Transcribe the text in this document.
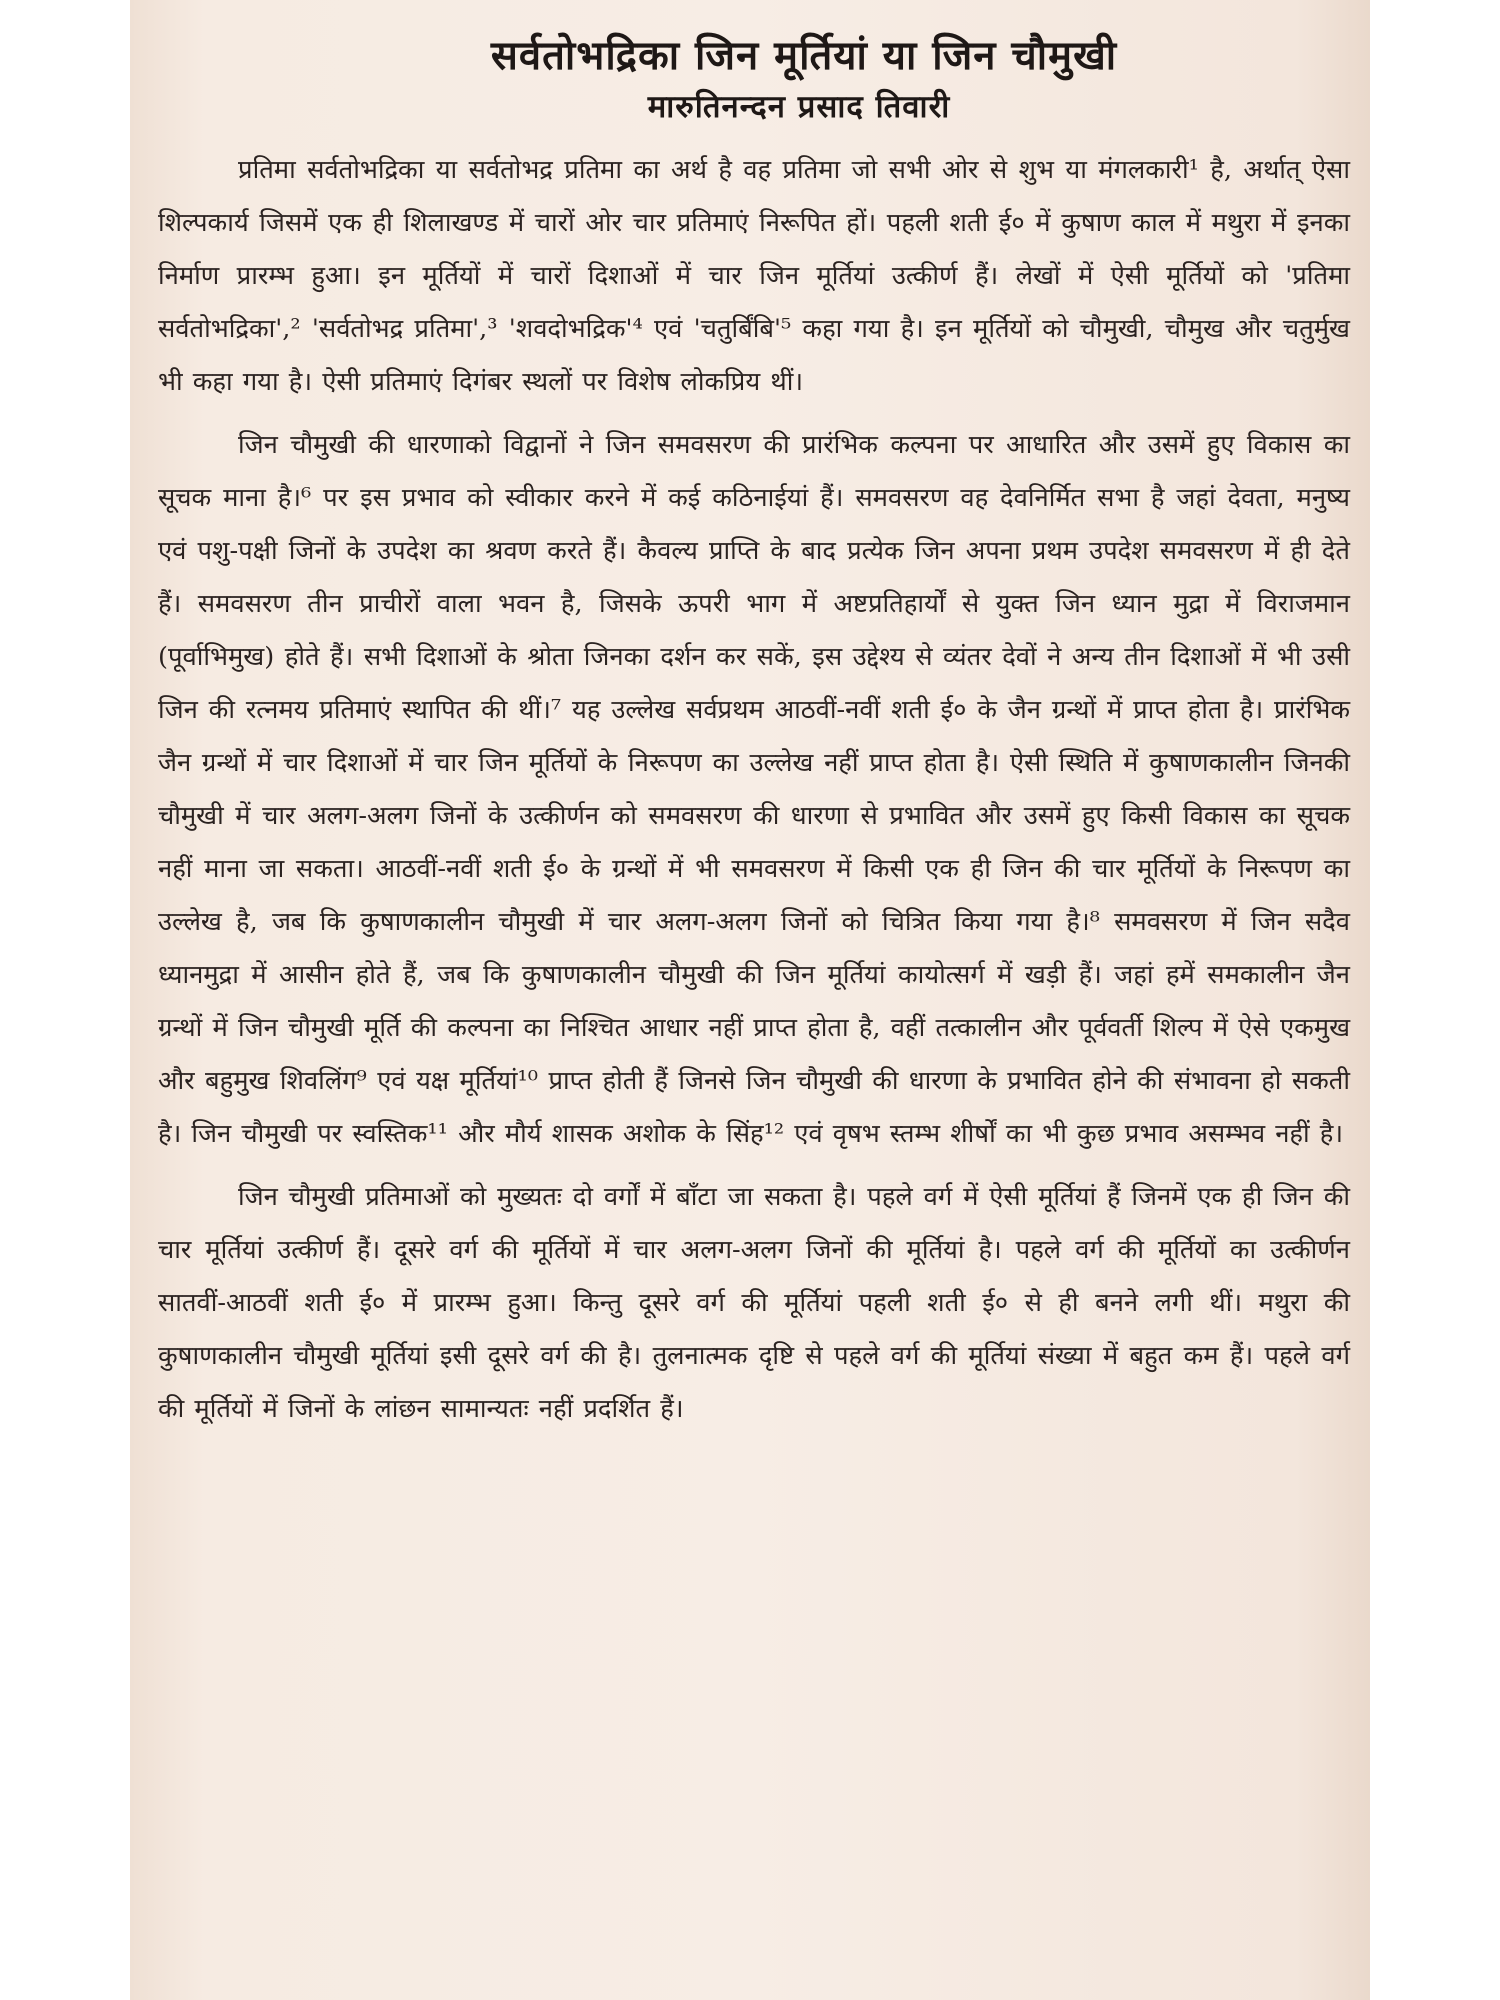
सर्वतोभद्रिका जिन मूर्तियां या जिन चौमुखी
मारुतिनन्दन प्रसाद तिवारी

प्रतिमा सर्वतोभद्रिका या सर्वतोभद्र प्रतिमा का अर्थ है वह प्रतिमा जो सभी ओर से शुभ या मंगलकारी¹ है, अर्थात् ऐसा शिल्पकार्य जिसमें एक ही शिलाखण्ड में चारों ओर चार प्रतिमाएं निरूपित हों। पहली शती ई० में कुषाण काल में मथुरा में इनका निर्माण प्रारम्भ हुआ। इन मूर्तियों में चारों दिशाओं में चार जिन मूर्तियां उत्कीर्ण हैं। लेखों में ऐसी मूर्तियों को 'प्रतिमा सर्वतोभद्रिका',² 'सर्वतोभद्र प्रतिमा',³ 'शवदोभद्रिक'⁴ एवं 'चतुर्बिंबि'⁵ कहा गया है। इन मूर्तियों को चौमुखी, चौमुख और चतुर्मुख भी कहा गया है। ऐसी प्रतिमाएं दिगंबर स्थलों पर विशेष लोकप्रिय थीं।

जिन चौमुखी की धारणाको विद्वानों ने जिन समवसरण की प्रारंभिक कल्पना पर आधारित और उसमें हुए विकास का सूचक माना है।⁶ पर इस प्रभाव को स्वीकार करने में कई कठिनाईयां हैं। समवसरण वह देवनिर्मित सभा है जहां देवता, मनुष्य एवं पशु-पक्षी जिनों के उपदेश का श्रवण करते हैं। कैवल्य प्राप्ति के बाद प्रत्येक जिन अपना प्रथम उपदेश समवसरण में ही देते हैं। समवसरण तीन प्राचीरों वाला भवन है, जिसके ऊपरी भाग में अष्टप्रतिहार्यों से युक्त जिन ध्यान मुद्रा में विराजमान (पूर्वाभिमुख) होते हैं। सभी दिशाओं के श्रोता जिनका दर्शन कर सकें, इस उद्देश्य से व्यंतर देवों ने अन्य तीन दिशाओं में भी उसी जिन की रत्नमय प्रतिमाएं स्थापित की थीं।⁷ यह उल्लेख सर्वप्रथम आठवीं-नवीं शती ई० के जैन ग्रन्थों में प्राप्त होता है। प्रारंभिक जैन ग्रन्थों में चार दिशाओं में चार जिन मूर्तियों के निरूपण का उल्लेख नहीं प्राप्त होता है। ऐसी स्थिति में कुषाणकालीन जिनकी चौमुखी में चार अलग-अलग जिनों के उत्कीर्णन को समवसरण की धारणा से प्रभावित और उसमें हुए किसी विकास का सूचक नहीं माना जा सकता। आठवीं-नवीं शती ई० के ग्रन्थों में भी समवसरण में किसी एक ही जिन की चार मूर्तियों के निरूपण का उल्लेख है, जब कि कुषाणकालीन चौमुखी में चार अलग-अलग जिनों को चित्रित किया गया है।⁸ समवसरण में जिन सदैव ध्यानमुद्रा में आसीन होते हैं, जब कि कुषाणकालीन चौमुखी की जिन मूर्तियां कायोत्सर्ग में खड़ी हैं। जहां हमें समकालीन जैन ग्रन्थों में जिन चौमुखी मूर्ति की कल्पना का निश्चित आधार नहीं प्राप्त होता है, वहीं तत्कालीन और पूर्ववर्ती शिल्प में ऐसे एकमुख और बहुमुख शिवलिंग⁹ एवं यक्ष मूर्तियां¹⁰ प्राप्त होती हैं जिनसे जिन चौमुखी की धारणा के प्रभावित होने की संभावना हो सकती है। जिन चौमुखी पर स्वस्तिक¹¹ और मौर्य शासक अशोक के सिंह¹² एवं वृषभ स्तम्भ शीर्षों का भी कुछ प्रभाव असम्भव नहीं है।

जिन चौमुखी प्रतिमाओं को मुख्यतः दो वर्गों में बाँटा जा सकता है। पहले वर्ग में ऐसी मूर्तियां हैं जिनमें एक ही जिन की चार मूर्तियां उत्कीर्ण हैं। दूसरे वर्ग की मूर्तियों में चार अलग-अलग जिनों की मूर्तियां है। पहले वर्ग की मूर्तियों का उत्कीर्णन सातवीं-आठवीं शती ई० में प्रारम्भ हुआ। किन्तु दूसरे वर्ग की मूर्तियां पहली शती ई० से ही बनने लगी थीं। मथुरा की कुषाणकालीन चौमुखी मूर्तियां इसी दूसरे वर्ग की है। तुलनात्मक दृष्टि से पहले वर्ग की मूर्तियां संख्या में बहुत कम हैं। पहले वर्ग की मूर्तियों में जिनों के लांछन सामान्यतः नहीं प्रदर्शित हैं।
